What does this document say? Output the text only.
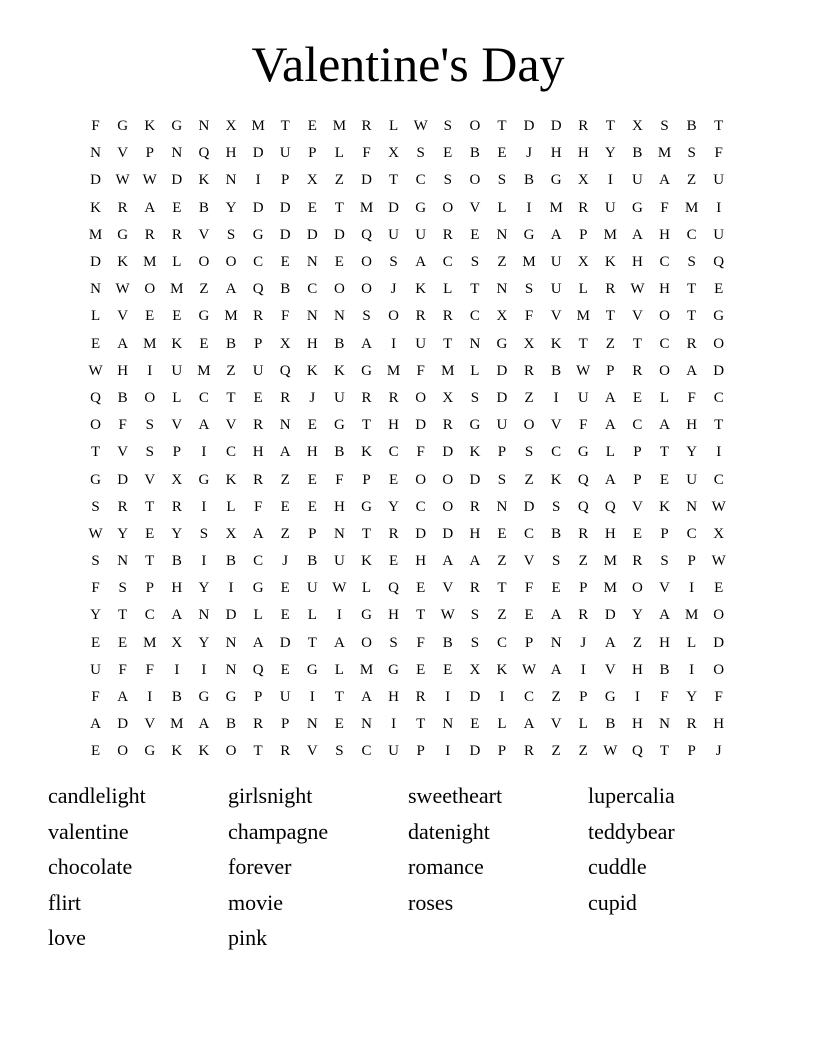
Valentine's Day
F	G	K	G	N	X	M	T	E	M	R	L	W	S	O	T	D	D	R	T	X	S	B	T
N	V	P	N	Q	H	D	U	P	L	F	X	S	E	B	E	J	H	H	Y	B	M	S	F
D W W D	K	N	I	P	X	Z	D	T	C	S	O	S	B	G	X	I	U	A	Z	U
K	R	A	E	B	Y	D	D	E	T	M	D	G	O	V	L	I	M	R	U	G	F	M	I
M	G	R	R	V	S	G	D	D	D	Q	U	U	R	E	N	G	A	P	M	A	H	C	U
D	K	M	L	O	O	C	E	N	E	O	S	A	C	S	Z	M	U	X	K	H	C	S	Q
N W O	M	Z	A	Q	B	C	O	O	J	K	L	T	N	S	U	L	R	W H	T	E
L	V	E	E	G	M	R	F	N	N	S	O	R	R	C	X	F	V	M	T	V	O	T	G
E	A	M	K	E	B	P	X	H	B	A	I	U	T	N	G	X	K	T	Z	T	C	R	O
W H	I	U	M	Z	U	Q	K	K	G	M	F	M	L	D	R	B	W	P	R	O	A	D
Q	B	O	L	C	T	E	R	J	U	R	R	O	X	S	D	Z	I	U	A	E	L	F	C
O	F	S	V	A	V	R	N	E	G	T	H	D	R	G	U	O	V	F	A	C	A	H	T
T	V	S	P	I	C	H	A	H	B	K	C	F	D	K	P	S	C	G	L	P	T	Y	I
G	D	V	X	G	K	R	Z	E	F	P	E	O	O	D	S	Z	K	Q	A	P	E	U	C
S	R	T	R	I	L	F	E	E	H	G	Y	C	O	R	N	D	S	Q	Q	V	K	N W
W Y	E	Y	S	X	A	Z	P	N	T	R	D	D	H	E	C	B	R	H	E	P	C	X
S	N	T	B	I	B	C	J	B	U	K	E	H	A	A	Z	V	S	Z	M	R	S	P	W
F	S	P	H	Y	I	G	E	U W	L	Q	E	V	R	T	F	E	P	M	O	V	I	E
Y	T	C	A	N	D	L	E	L	I	G	H	T	W	S	Z	E	A	R	D	Y	A	M	O
E	E	M	X	Y	N	A	D	T	A	O	S	F	B	S	C	P	N	J	A	Z	H	L	D
U	F	F	I	I	N	Q	E	G	L	M	G	E	E	X	K W A	I	V	H	B	I	O
F	A	I	B	G	G	P	U	I	T	A	H	R	I	D	I	C	Z	P	G	I	F	Y	F
A	D	V	M	A	B	R	P	N	E	N	I	T	N	E	L	A	V	L	B	H	N	R	H
E	O	G	K	K	O	T	R	V	S	C	U	P	I	D	P	R	Z	Z	W Q	T	P	J
candlelight
valentine
chocolate
flirt
love
girlsnight
champagne
forever
movie
pink
sweetheart
datenight
romance
roses
lupercalia
teddybear
cuddle
cupid
